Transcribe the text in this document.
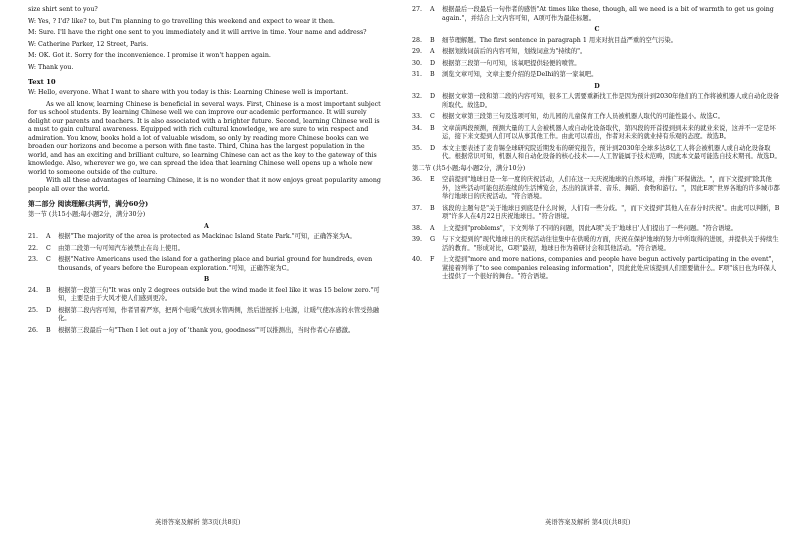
size shirt sent to you?

W: Yes, ? I'd? like? to, but I'm planning to go travelling this weekend and expect to wear it then.

M: Sure. I'll have the right one sent to you immediately and it will arrive in time. Your name and address?

W: Catherine Parker, 12 Street, Paris.

M: OK. Got it. Sorry for the inconvenience. I promise it won't happen again.

W: Thank you.

Text 10

W: Hello, everyone. What I want to share with you today is this: Learning Chinese well is important.

As we all know, learning Chinese is beneficial in several ways. First, Chinese is a most important subject for us school students. By learning Chinese well we can improve our academic performance. It will surely delight our parents and teachers. It is also associated with a brighter future. Second, learning Chinese well is a must to gain cultural awareness. Equipped with rich cultural knowledge, we are sure to win respect and admiration. You know, books hold a lot of valuable wisdom, so only by reading more Chinese books can we broaden our horizons and become a person with fine taste. Third, China has the largest population in the world, and has an exciting and brilliant culture, so learning Chinese can act as the key to the gateway of this knowledge. Also, wherever we go, we can spread the idea that learning Chinese well opens up a whole new world to someone outside of the culture.

With all these advantages of learning Chinese, it is no wonder that it now enjoys great popularity among people all over the world.

第二部分 阅读理解(共两节，满分60分)

第一节 (共15小题;每小题2分，满分30分)

A

21.	A	根据"The majority of the area is protected as Mackinac Island State Park."可知，正确答案为A。
22.	C	由第二段第一句可知汽车被禁止在岛上使用。
23.	C	根据"Native Americans used the island for a gathering place and burial ground for hundreds, even thousands, of years before the European exploration."可知，正确答案为C。

B

24.	B	根据第一段第三句"It was only 2 degrees outside but the wind made it feel like it was 15 below zero."可知，主要是由于大风才使人们感到更冷。
25.	D	根据第二段内容可知，作者冒着严寒，把两个电暖气放到水管两侧，然后进屋拆上电源，让暖气使冰冻的水管受热融化。
26.	B	根据第三段最后一句"Then I let out a joy of 'thank you, goodness'"可以推测出，当时作者心存感激。
27.	A	根据最后一段最后一句作者的感悟"At times like these, though, all we need is a bit of warmth to get us going again."，并结合上文内容可知，A项可作为最佳标题。

C

28.	B	细节理解题。The first sentence in paragraph 1 用来对抗目益严重的空气污染。
29.	A	根据划线词前后的内容可知，划线词意为"持续的"。
30.	D	根据第三段第一句可知，该氧吧提供轻便的喷管。
31.	B	浏览文章可知，文章主要介绍的是Delhi的第一家氧吧。

D

32.	D	根据文章第一段和第二段的内容可知，很多工人需要重新找工作是因为预计到2030年他们的工作将被机器人或自动化设备所取代。故选D。
33.	C	根据文章第三段第三句及选项可知，幼儿园的儿童保育工作人员被机器人取代的可能性最小。故选C。
34.	B	文章前两段预测，预测大量的工人会被机器人或自动化设备取代，第四段的开首提到到未来的就业来说，这并不一定是坏运，接下来文提到人们可以从事其他工作。由此可以看出，作者对未来的就业持有乐观的态度。故选B。
35.	D	本文主要表述了麦肯锡全球研究院近期发布的研究报告，预计到2030年全球多达8亿工人将会被机器人或自动化设备取代。根据常识可知，机器人和自动化设备的核心技术——人工智能属于技术范畴，因此本文最可能选自技术期刊。故选D。

第二节 (共5小题;每小题2分，满分10分)

36.	E	空前提到"地球日是一年一度的庆祝活动，人们在这一天庆祝地球的自然环境，并推广环保做法。"，而下文提到"除其他外，这些活动可能包括连续的生活博览会，杰出的演讲者、音乐、舞蹈、食物和游行。"，因此E项"世界各地的许多城市都举行地球日的庆祝活动。"符合语境。
37.	B	该段的主题句是"关于地球日到底是什么时候，人们有一些分歧。"，而下文提到"其他人在春分时庆祝"。由此可以判断，B项"许多人在4月22日庆祝地球日。"符合语境。
38.	A	上文提到"problems"，下文列举了不同的问题，因此A项"关于'地球日'人们提出了一些问题。"符合语境。
39.	G	与下文提到的"现代地球日的庆祝活动往往集中在供暖的方面，庆祝在保护地球的努力中所取得的进展，并提供关于持续生活的教育。"形成对比，G项"最初，地球日作为着研讨会和其他活动。"符合语境。
40.	F	上文提到"more and more nations, companies and people have begun actively participating in the event"，紧接着列举了"to see companies releasing information"，因此此处应该提到人们需要做什么。F项"该日也为环保人士提供了一个很好的舞台。"符合语境。
英语答案及解析 第3页(共8页)	英语答案及解析 第4页(共8页)
